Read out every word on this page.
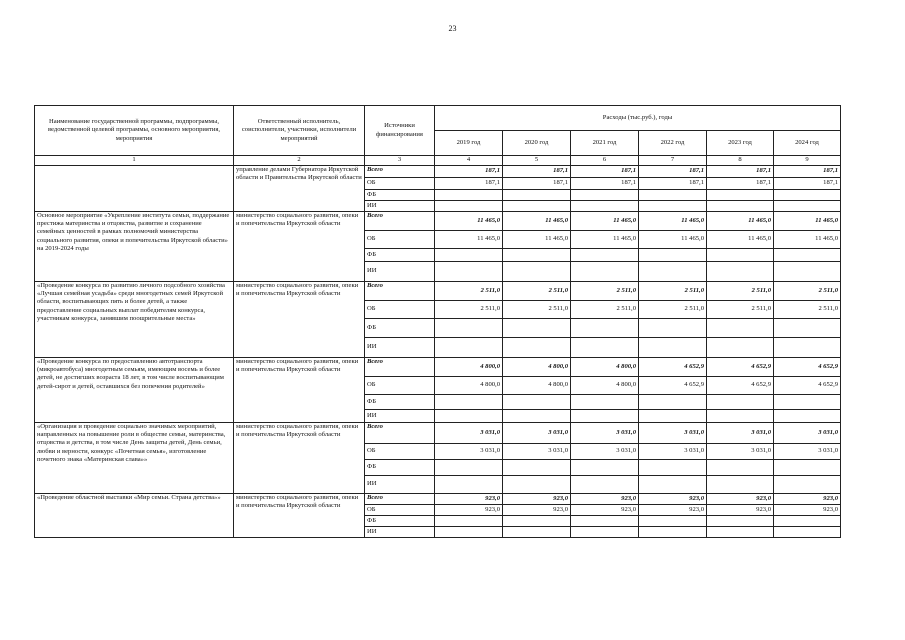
23
Наименование государственной программы, подпрограммы, ведомственной целевой программы, основного мероприятия, мероприятия	Ответственный исполнитель, соисполнители, участники, исполнители мероприятий	Источники финансирования	Расходы (тыс.руб.), годы					
			2019 год	2020 год	2021 год	2022 год	2023 год	2024 год
1	2	3	4	5	6	7	8	9
	управление делами Губернатора Иркутской области и Правительства Иркутской области	Всего	187,1	187,1	187,1	187,1	187,1	187,1
		ОБ	187,1	187,1	187,1	187,1	187,1	187,1
		ФБ						
		ИИ						
Основное мероприятие «Укрепление института семьи, поддержание престижа материнства и отцовства, развитие и сохранение семейных ценностей в рамках полномочий министерства социального развития, опеки и попечительства Иркутской области» на 2019-2024 годы	министерство социального развития, опеки и попечительства Иркутской области	Всего	11 465,0	11 465,0	11 465,0	11 465,0	11 465,0	11 465,0
		ОБ	11 465,0	11 465,0	11 465,0	11 465,0	11 465,0	11 465,0
		ФБ						
		ИИ						
«Проведение конкурса по развитию личного подсобного хозяйства «Лучшая семейная усадьба» среди многодетных семей Иркутской области, воспитывающих пять и более детей, а также предоставление социальных выплат победителям конкурса, участникам конкурса, занявшим поощрительные места»	министерство социального развития, опеки и попечительства Иркутской области	Всего	2 511,0	2 511,0	2 511,0	2 511,0	2 511,0	2 511,0
		ОБ	2 511,0	2 511,0	2 511,0	2 511,0	2 511,0	2 511,0
		ФБ						
		ИИ						
«Проведение конкурса по предоставлению автотранспорта (микроавтобуса) многодетным семьям, имеющим восемь и более детей, не достигших возраста 18 лет, в том числе воспитывающим детей-сирот и детей, оставшихся без попечения родителей»	министерство социального развития, опеки и попечительства Иркутской области	Всего	4 800,0	4 800,0	4 800,0	4 652,9	4 652,9	4 652,9
		ОБ	4 800,0	4 800,0	4 800,0	4 652,9	4 652,9	4 652,9
		ФБ						
		ИИ						
«Организация и проведение социально значимых мероприятий, направленных на повышение роли в обществе семьи, материнства, отцовства и детства, в том числе День защиты детей, День семьи, любви и верности, конкурс «Почетная семья», изготовление почетного знака «Материнская слава»»	министерство социального развития, опеки и попечительства Иркутской области	Всего	3 031,0	3 031,0	3 031,0	3 031,0	3 031,0	3 031,0
		ОБ	3 031,0	3 031,0	3 031,0	3 031,0	3 031,0	3 031,0
		ФБ						
		ИИ						
«Проведение областной выставки «Мир семьи. Страна детства»»	министерство социального развития, опеки и попечительства Иркутской области	Всего	923,0	923,0	923,0	923,0	923,0	923,0
		ОБ	923,0	923,0	923,0	923,0	923,0	923,0
		ФБ						
		ИИ						
